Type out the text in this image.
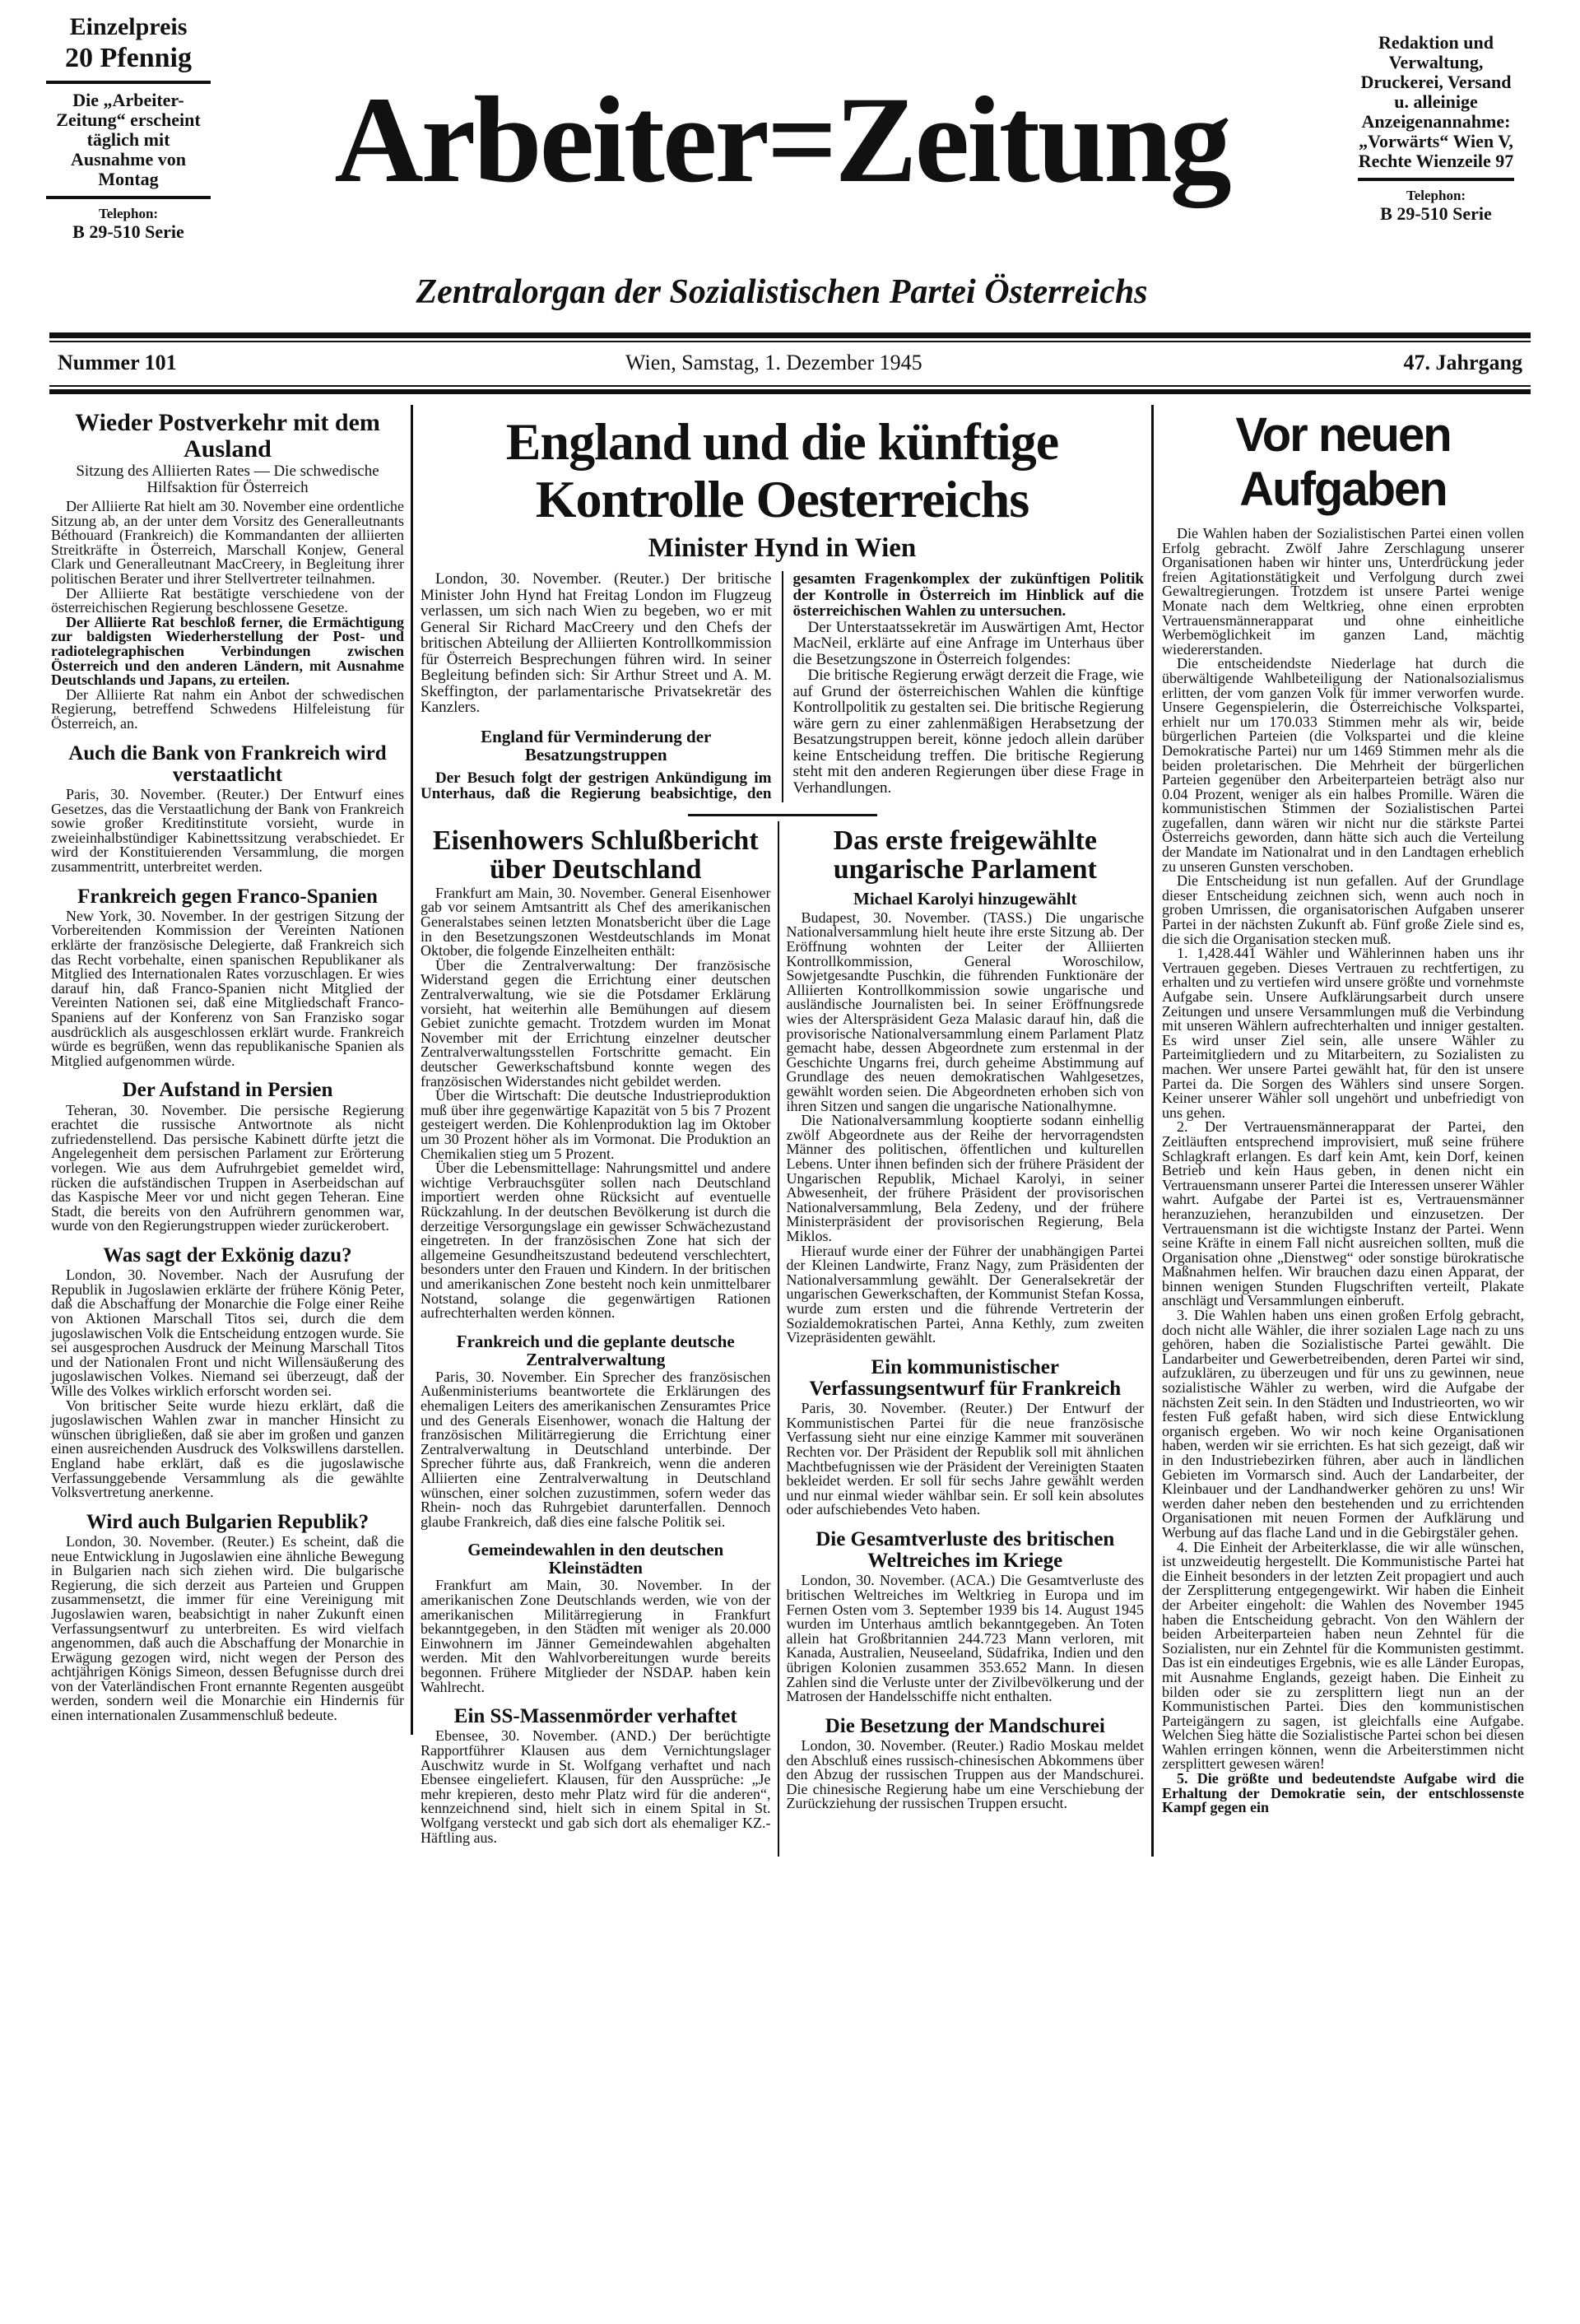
Einzelpreis
20 Pfennig
Die „Arbeiter-Zeitung“ erscheint täglich mit Ausnahme von Montag
Telephon:
B 29-510 Serie
Arbeiter=Zeitung
Zentralorgan der Sozialistischen Partei Österreichs
Redaktion und Verwaltung, Druckerei, Versand u. alleinige Anzeigenannahme: „Vorwärts“ Wien V, Rechte Wienzeile 97
Telephon:
B 29-510 Serie
Nummer 101	Wien, Samstag, 1. Dezember 1945	47. Jahrgang
Wieder Postverkehr mit dem Ausland
Sitzung des Alliierten Rates — Die schwedische Hilfsaktion für Österreich

Der Alliierte Rat hielt am 30. November eine ordentliche Sitzung ab, an der unter dem Vorsitz des Generalleutnants Béthouard (Frankreich) die Kommandanten der alliierten Streitkräfte in Österreich, Marschall Konjew, General Clark und Generalleutnant MacCreery, in Begleitung ihrer politischen Berater und ihrer Stellvertreter teilnahmen.

Der Alliierte Rat bestätigte verschiedene von der österreichischen Regierung beschlossene Gesetze.

Der Alliierte Rat beschloß ferner, die Ermächtigung zur baldigsten Wiederherstellung der Post- und radiotelegraphischen Verbindungen zwischen Österreich und den anderen Ländern, mit Ausnahme Deutschlands und Japans, zu erteilen.

Der Alliierte Rat nahm ein Anbot der schwedischen Regierung, betreffend Schwedens Hilfeleistung für Österreich, an.

Auch die Bank von Frankreich wird verstaatlicht

Paris, 30. November. (Reuter.) Der Entwurf eines Gesetzes, das die Verstaatlichung der Bank von Frankreich sowie großer Kreditinstitute vorsieht, wurde in zweieinhalbstündiger Kabinettssitzung verabschiedet. Er wird der Konstituierenden Versammlung, die morgen zusammentritt, unterbreitet werden.

Frankreich gegen Franco-Spanien

New York, 30. November. In der gestrigen Sitzung der Vorbereitenden Kommission der Vereinten Nationen erklärte der französische Delegierte, daß Frankreich sich das Recht vorbehalte, einen spanischen Republikaner als Mitglied des Internationalen Rates vorzuschlagen. Er wies darauf hin, daß Franco-Spanien nicht Mitglied der Vereinten Nationen sei, daß eine Mitgliedschaft Franco-Spaniens auf der Konferenz von San Franzisko sogar ausdrücklich als ausgeschlossen erklärt wurde. Frankreich würde es begrüßen, wenn das republikanische Spanien als Mitglied aufgenommen würde.

Der Aufstand in Persien

Teheran, 30. November. Die persische Regierung erachtet die russische Antwortnote als nicht zufriedenstellend. Das persische Kabinett dürfte jetzt die Angelegenheit dem persischen Parlament zur Erörterung vorlegen. Wie aus dem Aufruhrgebiet gemeldet wird, rücken die aufständischen Truppen in Aserbeidschan auf das Kaspische Meer vor und nicht gegen Teheran. Eine Stadt, die bereits von den Aufrührern genommen war, wurde von den Regierungstruppen wieder zurückerobert.

Was sagt der Exkönig dazu?

London, 30. November. Nach der Ausrufung der Republik in Jugoslawien erklärte der frühere König Peter, daß die Abschaffung der Monarchie die Folge einer Reihe von Aktionen Marschall Titos sei, durch die dem jugoslawischen Volk die Entscheidung entzogen wurde. Sie sei ausgesprochen Ausdruck der Meinung Marschall Titos und der Nationalen Front und nicht Willensäußerung des jugoslawischen Volkes. Niemand sei überzeugt, daß der Wille des Volkes wirklich erforscht worden sei.

Von britischer Seite wurde hiezu erklärt, daß die jugoslawischen Wahlen zwar in mancher Hinsicht zu wünschen übrigließen, daß sie aber im großen und ganzen einen ausreichenden Ausdruck des Volkswillens darstellen. England habe erklärt, daß es die jugoslawische Verfassunggebende Versammlung als die gewählte Volksvertretung anerkenne.

Wird auch Bulgarien Republik?

London, 30. November. (Reuter.) Es scheint, daß die neue Entwicklung in Jugoslawien eine ähnliche Bewegung in Bulgarien nach sich ziehen wird. Die bulgarische Regierung, die sich derzeit aus Parteien und Gruppen zusammensetzt, die immer für eine Vereinigung mit Jugoslawien waren, beabsichtigt in naher Zukunft einen Verfassungsentwurf zu unterbreiten. Es wird vielfach angenommen, daß auch die Abschaffung der Monarchie in Erwägung gezogen wird, nicht wegen der Person des achtjährigen Königs Simeon, dessen Befugnisse durch drei von der Vaterländischen Front ernannte Regenten ausgeübt werden, sondern weil die Monarchie ein Hindernis für einen internationalen Zusammenschluß bedeute.

England und die künftige Kontrolle Oesterreichs
Minister Hynd in Wien

London, 30. November. (Reuter.) Der britische Minister John Hynd hat Freitag London im Flugzeug verlassen, um sich nach Wien zu begeben, wo er mit General Sir Richard MacCreery und den Chefs der britischen Abteilung der Alliierten Kontrollkommission für Österreich Besprechungen führen wird. In seiner Begleitung befinden sich: Sir Arthur Street und A. M. Skeffington, der parlamentarische Privatsekretär des Kanzlers.

England für Verminderung der Besatzungstruppen

Der Besuch folgt der gestrigen Ankündigung im Unterhaus, daß die Regierung beabsichtige, den gesamten Fragenkomplex der zukünftigen Politik der Kontrolle in Österreich im Hinblick auf die österreichischen Wahlen zu untersuchen.

Der Unterstaatssekretär im Auswärtigen Amt, Hector MacNeil, erklärte auf eine Anfrage im Unterhaus über die Besetzungszone in Österreich folgendes:

Die britische Regierung erwägt derzeit die Frage, wie auf Grund der österreichischen Wahlen die künftige Kontrollpolitik zu gestalten sei. Die britische Regierung wäre gern zu einer zahlenmäßigen Herabsetzung der Besatzungstruppen bereit, könne jedoch allein darüber keine Entscheidung treffen. Die britische Regierung steht mit den anderen Regierungen über diese Frage in Verhandlungen.

Eisenhowers Schlußbericht über Deutschland

Frankfurt am Main, 30. November. General Eisenhower gab vor seinem Amtsantritt als Chef des amerikanischen Generalstabes seinen letzten Monatsbericht über die Lage in den Besetzungszonen Westdeutschlands im Monat Oktober, die folgende Einzelheiten enthält:

Über die Zentralverwaltung: Der französische Widerstand gegen die Errichtung einer deutschen Zentralverwaltung, wie sie die Potsdamer Erklärung vorsieht, hat weiterhin alle Bemühungen auf diesem Gebiet zunichte gemacht. Trotzdem wurden im Monat November mit der Errichtung einzelner deutscher Zentralverwaltungsstellen Fortschritte gemacht. Ein deutscher Gewerkschaftsbund konnte wegen des französischen Widerstandes nicht gebildet werden.

Über die Wirtschaft: Die deutsche Industrieproduktion muß über ihre gegenwärtige Kapazität von 5 bis 7 Prozent gesteigert werden. Die Kohlenproduktion lag im Oktober um 30 Prozent höher als im Vormonat. Die Produktion an Chemikalien stieg um 5 Prozent.

Über die Lebensmittellage: Nahrungsmittel und andere wichtige Verbrauchsgüter sollen nach Deutschland importiert werden ohne Rücksicht auf eventuelle Rückzahlung. In der deutschen Bevölkerung ist durch die derzeitige Versorgungslage ein gewisser Schwächezustand eingetreten. In der französischen Zone hat sich der allgemeine Gesundheitszustand bedeutend verschlechtert, besonders unter den Frauen und Kindern. In der britischen und amerikanischen Zone besteht noch kein unmittelbarer Notstand, solange die gegenwärtigen Rationen aufrechterhalten werden können.

Frankreich und die geplante deutsche Zentralverwaltung

Paris, 30. November. Ein Sprecher des französischen Außenministeriums beantwortete die Erklärungen des ehemaligen Leiters des amerikanischen Zensuramtes Price und des Generals Eisenhower, wonach die Haltung der französischen Militärregierung die Errichtung einer Zentralverwaltung in Deutschland unterbinde. Der Sprecher führte aus, daß Frankreich, wenn die anderen Alliierten eine Zentralverwaltung in Deutschland wünschen, einer solchen zuzustimmen, sofern weder das Rhein- noch das Ruhrgebiet darunterfallen. Dennoch glaube Frankreich, daß dies eine falsche Politik sei.

Gemeindewahlen in den deutschen Kleinstädten

Frankfurt am Main, 30. November. In der amerikanischen Zone Deutschlands werden, wie von der amerikanischen Militärregierung in Frankfurt bekanntgegeben, in den Städten mit weniger als 20.000 Einwohnern im Jänner Gemeindewahlen abgehalten werden. Mit den Wahlvorbereitungen wurde bereits begonnen. Frühere Mitglieder der NSDAP. haben kein Wahlrecht.

Ein SS-Massenmörder verhaftet

Ebensee, 30. November. (AND.) Der berüchtigte Rapportführer Klausen aus dem Vernichtungslager Auschwitz wurde in St. Wolfgang verhaftet und nach Ebensee eingeliefert. Klausen, für den Aussprüche: „Je mehr krepieren, desto mehr Platz wird für die anderen“, kennzeichnend sind, hielt sich in einem Spital in St. Wolfgang versteckt und gab sich dort als ehemaliger KZ.-Häftling aus.

Das erste freigewählte ungarische Parlament
Michael Karolyi hinzugewählt

Budapest, 30. November. (TASS.) Die ungarische Nationalversammlung hielt heute ihre erste Sitzung ab. Der Eröffnung wohnten der Leiter der Alliierten Kontrollkommission, General Woroschilow, Sowjetgesandte Puschkin, die führenden Funktionäre der Alliierten Kontrollkommission sowie ungarische und ausländische Journalisten bei. In seiner Eröffnungsrede wies der Alterspräsident Geza Malasic darauf hin, daß die provisorische Nationalversammlung einem Parlament Platz gemacht habe, dessen Abgeordnete zum erstenmal in der Geschichte Ungarns frei, durch geheime Abstimmung auf Grundlage des neuen demokratischen Wahlgesetzes, gewählt worden seien. Die Abgeordneten erhoben sich von ihren Sitzen und sangen die ungarische Nationalhymne.

Die Nationalversammlung kooptierte sodann einhellig zwölf Abgeordnete aus der Reihe der hervorragendsten Männer des politischen, öffentlichen und kulturellen Lebens. Unter ihnen befinden sich der frühere Präsident der Ungarischen Republik, Michael Karolyi, in seiner Abwesenheit, der frühere Präsident der provisorischen Nationalversammlung, Bela Zedeny, und der frühere Ministerpräsident der provisorischen Regierung, Bela Miklos.

Hierauf wurde einer der Führer der unabhängigen Partei der Kleinen Landwirte, Franz Nagy, zum Präsidenten der Nationalversammlung gewählt. Der Generalsekretär der ungarischen Gewerkschaften, der Kommunist Stefan Kossa, wurde zum ersten und die führende Vertreterin der Sozialdemokratischen Partei, Anna Kethly, zum zweiten Vizepräsidenten gewählt.

Ein kommunistischer Verfassungsentwurf für Frankreich

Paris, 30. November. (Reuter.) Der Entwurf der Kommunistischen Partei für die neue französische Verfassung sieht nur eine einzige Kammer mit souveränen Rechten vor. Der Präsident der Republik soll mit ähnlichen Machtbefugnissen wie der Präsident der Vereinigten Staaten bekleidet werden. Er soll für sechs Jahre gewählt werden und nur einmal wieder wählbar sein. Er soll kein absolutes oder aufschiebendes Veto haben.

Die Gesamtverluste des britischen Weltreiches im Kriege

London, 30. November. (ACA.) Die Gesamtverluste des britischen Weltreiches im Weltkrieg in Europa und im Fernen Osten vom 3. September 1939 bis 14. August 1945 wurden im Unterhaus amtlich bekanntgegeben. An Toten allein hat Großbritannien 244.723 Mann verloren, mit Kanada, Australien, Neuseeland, Südafrika, Indien und den übrigen Kolonien zusammen 353.652 Mann. In diesen Zahlen sind die Verluste unter der Zivilbevölkerung und der Matrosen der Handelsschiffe nicht enthalten.

Die Besetzung der Mandschurei

London, 30. November. (Reuter.) Radio Moskau meldet den Abschluß eines russisch-chinesischen Abkommens über den Abzug der russischen Truppen aus der Mandschurei. Die chinesische Regierung habe um eine Verschiebung der Zurückziehung der russischen Truppen ersucht.

Vor neuen Aufgaben

Die Wahlen haben der Sozialistischen Partei einen vollen Erfolg gebracht. Zwölf Jahre Zerschlagung unserer Organisationen haben wir hinter uns, Unterdrückung jeder freien Agitationstätigkeit und Verfolgung durch zwei Gewaltregierungen. Trotzdem ist unsere Partei wenige Monate nach dem Weltkrieg, ohne einen erprobten Vertrauensmännerapparat und ohne einheitliche Werbemöglichkeit im ganzen Land, mächtig wiedererstanden.

Die entscheidendste Niederlage hat durch die überwältigende Wahlbeteiligung der Nationalsozialismus erlitten, der vom ganzen Volk für immer verworfen wurde. Unsere Gegenspielerin, die Österreichische Volkspartei, erhielt nur um 170.033 Stimmen mehr als wir, beide bürgerlichen Parteien (die Volkspartei und die kleine Demokratische Partei) nur um 1469 Stimmen mehr als die beiden proletarischen. Die Mehrheit der bürgerlichen Parteien gegenüber den Arbeiterparteien beträgt also nur 0.04 Prozent, weniger als ein halbes Promille. Wären die kommunistischen Stimmen der Sozialistischen Partei zugefallen, dann wären wir nicht nur die stärkste Partei Österreichs geworden, dann hätte sich auch die Verteilung der Mandate im Nationalrat und in den Landtagen erheblich zu unseren Gunsten verschoben.

Die Entscheidung ist nun gefallen. Auf der Grundlage dieser Entscheidung zeichnen sich, wenn auch noch in groben Umrissen, die organisatorischen Aufgaben unserer Partei in der nächsten Zukunft ab. Fünf große Ziele sind es, die sich die Organisation stecken muß.

1. 1,428.441 Wähler und Wählerinnen haben uns ihr Vertrauen gegeben. Dieses Vertrauen zu rechtfertigen, zu erhalten und zu vertiefen wird unsere größte und vornehmste Aufgabe sein. Unsere Aufklärungsarbeit durch unsere Zeitungen und unsere Versammlungen muß die Verbindung mit unseren Wählern aufrechterhalten und inniger gestalten. Es wird unser Ziel sein, alle unsere Wähler zu Parteimitgliedern und zu Mitarbeitern, zu Sozialisten zu machen. Wer unsere Partei gewählt hat, für den ist unsere Partei da. Die Sorgen des Wählers sind unsere Sorgen. Keiner unserer Wähler soll ungehört und unbefriedigt von uns gehen.

2. Der Vertrauensmännerapparat der Partei, den Zeitläuften entsprechend improvisiert, muß seine frühere Schlagkraft erlangen. Es darf kein Amt, kein Dorf, keinen Betrieb und kein Haus geben, in denen nicht ein Vertrauensmann unserer Partei die Interessen unserer Wähler wahrt. Aufgabe der Partei ist es, Vertrauensmänner heranzuziehen, heranzubilden und einzusetzen. Der Vertrauensmann ist die wichtigste Instanz der Partei. Wenn seine Kräfte in einem Fall nicht ausreichen sollten, muß die Organisation ohne „Dienstweg“ oder sonstige bürokratische Maßnahmen helfen. Wir brauchen dazu einen Apparat, der binnen wenigen Stunden Flugschriften verteilt, Plakate anschlägt und Versammlungen einberuft.

3. Die Wahlen haben uns einen großen Erfolg gebracht, doch nicht alle Wähler, die ihrer sozialen Lage nach zu uns gehören, haben die Sozialistische Partei gewählt. Die Landarbeiter und Gewerbetreibenden, deren Partei wir sind, aufzuklären, zu überzeugen und für uns zu gewinnen, neue sozialistische Wähler zu werben, wird die Aufgabe der nächsten Zeit sein. In den Städten und Industrieorten, wo wir festen Fuß gefaßt haben, wird sich diese Entwicklung organisch ergeben. Wo wir noch keine Organisationen haben, werden wir sie errichten. Es hat sich gezeigt, daß wir in den Industriebezirken führen, aber auch in ländlichen Gebieten im Vormarsch sind. Auch der Landarbeiter, der Kleinbauer und der Landhandwerker gehören zu uns! Wir werden daher neben den bestehenden und zu errichtenden Organisationen mit neuen Formen der Aufklärung und Werbung auf das flache Land und in die Gebirgstäler gehen.

4. Die Einheit der Arbeiterklasse, die wir alle wünschen, ist unzweideutig hergestellt. Die Kommunistische Partei hat die Einheit besonders in der letzten Zeit propagiert und auch der Zersplitterung entgegengewirkt. Wir haben die Einheit der Arbeiter eingeholt: die Wahlen des November 1945 haben die Entscheidung gebracht. Von den Wählern der beiden Arbeiterparteien haben neun Zehntel für die Sozialisten, nur ein Zehntel für die Kommunisten gestimmt. Das ist ein eindeutiges Ergebnis, wie es alle Länder Europas, mit Ausnahme Englands, gezeigt haben. Die Einheit zu bilden oder sie zu zersplittern liegt nun an der Kommunistischen Partei. Dies den kommunistischen Parteigängern zu sagen, ist gleichfalls eine Aufgabe. Welchen Sieg hätte die Sozialistische Partei schon bei diesen Wahlen erringen können, wenn die Arbeiterstimmen nicht zersplittert gewesen wären!

5. Die größte und bedeutendste Aufgabe wird die Erhaltung der Demokratie sein, der entschlossenste Kampf gegen ein
